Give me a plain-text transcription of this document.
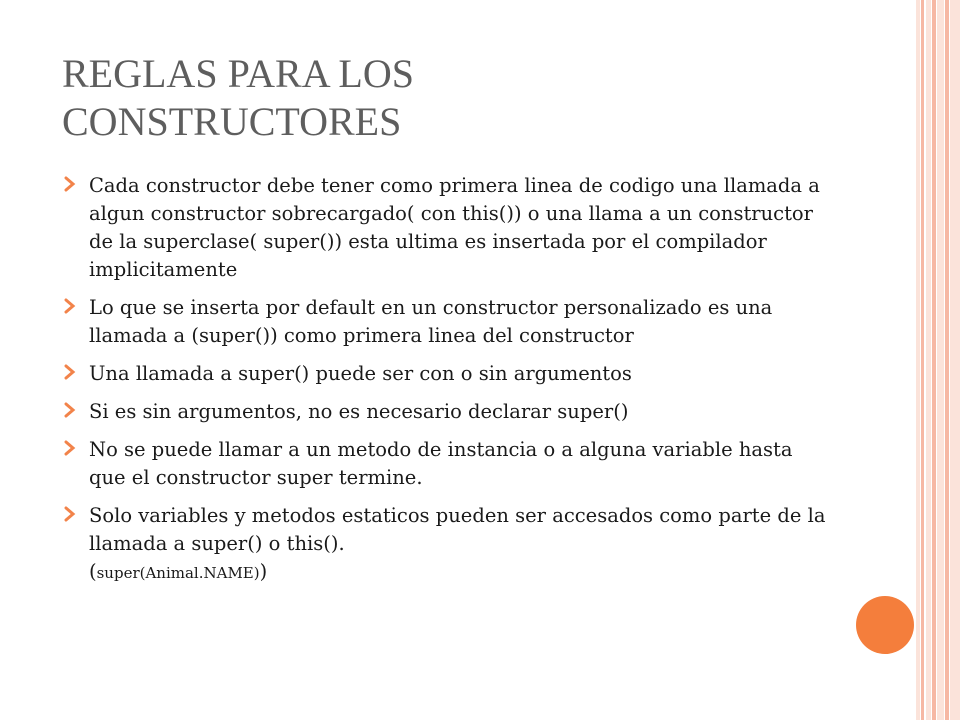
REGLAS PARA LOS
CONSTRUCTORES
Cada constructor debe tener como primera linea de codigo una llamada a algun constructor sobrecargado( con this()) o una llama a un constructor de la superclase( super()) esta ultima es insertada por el compilador implicitamente
Lo que se inserta por default en un constructor personalizado es una llamada a (super()) como primera linea del constructor
Una llamada a super() puede ser con o sin argumentos
Si es sin argumentos, no es necesario declarar super()
No se puede llamar a un metodo de instancia o a alguna variable hasta que el constructor super termine.
Solo variables y metodos estaticos pueden ser accesados como parte de la llamada a super() o this().
(super(Animal.NAME))
